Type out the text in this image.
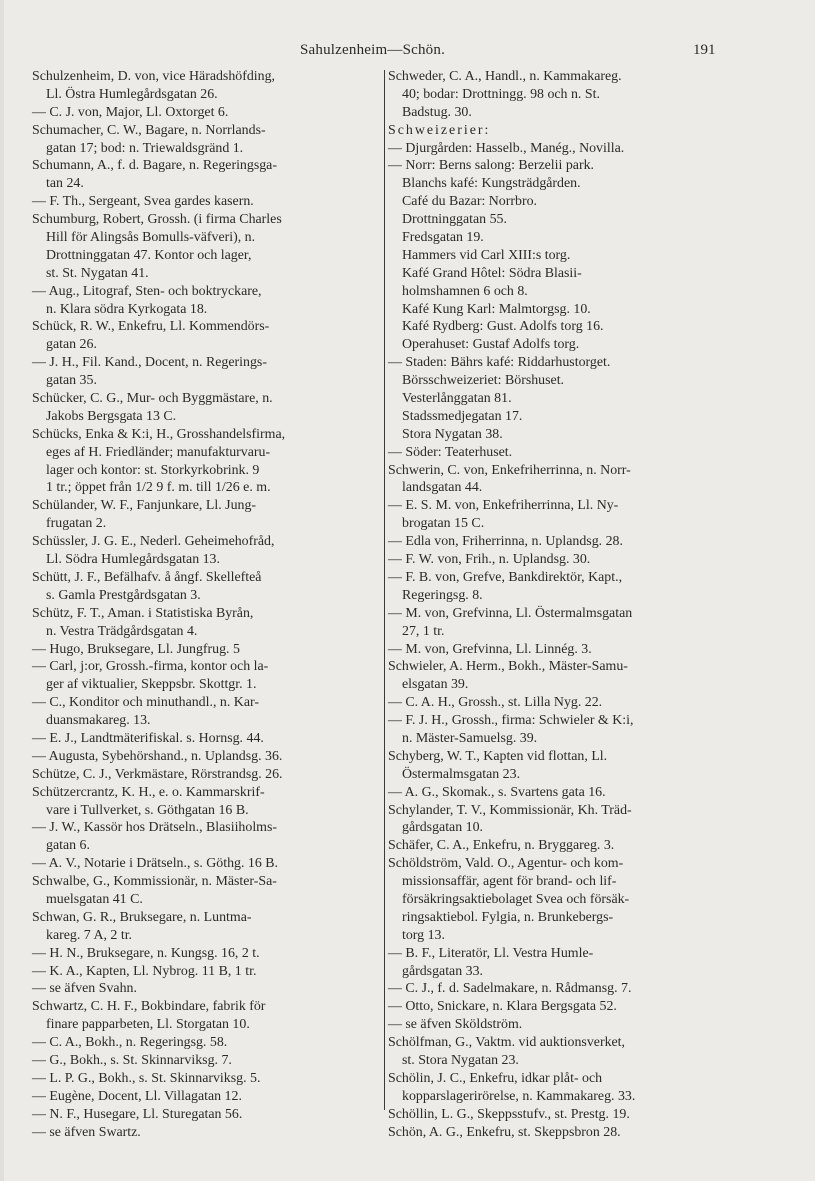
Sahulzenheim—Schön.	191
Schulzenheim, D. von, vice Häradshöfding,
Ll. Östra Humlegårdsgatan 26.
— C. J. von, Major, Ll. Oxtorget 6.
Schumacher, C. W., Bagare, n. Norrlands-
gatan 17; bod: n. Triewaldsgränd 1.
Schumann, A., f. d. Bagare, n. Regeringsga-
tan 24.
— F. Th., Sergeant, Svea gardes kasern.
Schumburg, Robert, Grossh. (i firma Charles
Hill för Alingsås Bomulls-väfveri), n.
Drottninggatan 47. Kontor och lager,
st. St. Nygatan 41.
— Aug., Litograf, Sten- och boktryckare,
n. Klara södra Kyrkogata 18.
Schück, R. W., Enkefru, Ll. Kommendörs-
gatan 26.
— J. H., Fil. Kand., Docent, n. Regerings-
gatan 35.
Schücker, C. G., Mur- och Byggmästare, n.
Jakobs Bergsgata 13 C.
Schücks, Enka & K:i, H., Grosshandelsfirma,
eges af H. Friedländer; manufakturvaru-
lager och kontor: st. Storkyrkobrink. 9
1 tr.; öppet från 1/2 9 f. m. till 1/26 e. m.
Schülander, W. F., Fanjunkare, Ll. Jung-
frugatan 2.
Schüssler, J. G. E., Nederl. Geheimehofråd,
Ll. Södra Humlegårdsgatan 13.
Schütt, J. F., Befälhafv. å ångf. Skellefteå
s. Gamla Prestgårdsgatan 3.
Schütz, F. T., Aman. i Statistiska Byrån,
n. Vestra Trädgårdsgatan 4.
— Hugo, Bruksegare, Ll. Jungfrug. 5
— Carl, j:or, Grossh.-firma, kontor och la-
ger af viktualier, Skeppsbr. Skottgr. 1.
— C., Konditor och minuthandl., n. Kar-
duansmakareg. 13.
— E. J., Landtmäterifiskal. s. Hornsg. 44.
— Augusta, Sybehörshand., n. Uplandsg. 36.
Schütze, C. J., Verkmästare, Rörstrandsg. 26.
Schützercrantz, K. H., e. o. Kammarskrif-
vare i Tullverket, s. Göthgatan 16 B.
— J. W., Kassör hos Drätseln., Blasiiholms-
gatan 6.
— A. V., Notarie i Drätseln., s. Göthg. 16 B.
Schwalbe, G., Kommissionär, n. Mäster-Sa-
muelsgatan 41 C.
Schwan, G. R., Bruksegare, n. Luntma-
kareg. 7 A, 2 tr.
— H. N., Bruksegare, n. Kungsg. 16, 2 t.
— K. A., Kapten, Ll. Nybrog. 11 B, 1 tr.
— se äfven Svahn.
Schwartz, C. H. F., Bokbindare, fabrik för
finare papparbeten, Ll. Storgatan 10.
— C. A., Bokh., n. Regeringsg. 58.
— G., Bokh., s. St. Skinnarviksg. 7.
— L. P. G., Bokh., s. St. Skinnarviksg. 5.
— Eugène, Docent, Ll. Villagatan 12.
— N. F., Husegare, Ll. Sturegatan 56.
— se äfven Swartz.
Schweder, C. A., Handl., n. Kammakareg.
40; bodar: Drottningg. 98 och n. St.
Badstug. 30.
Schweizerier:
— Djurgården: Hasselb., Manég., Novilla.
— Norr: Berns salong: Berzelii park.
Blanchs kafé: Kungsträdgården.
Café du Bazar: Norrbro.
Drottninggatan 55.
Fredsgatan 19.
Hammers vid Carl XIII:s torg.
Kafé Grand Hôtel: Södra Blasii-
holmshamnen 6 och 8.
Kafé Kung Karl: Malmtorgsg. 10.
Kafé Rydberg: Gust. Adolfs torg 16.
Operahuset: Gustaf Adolfs torg.
— Staden: Bährs kafé: Riddarhustorget.
Börsschweizeriet: Börshuset.
Vesterlånggatan 81.
Stadssmedjegatan 17.
Stora Nygatan 38.
— Söder: Teaterhuset.
Schwerin, C. von, Enkefriherrinna, n. Norr-
landsgatan 44.
— E. S. M. von, Enkefriherrinna, Ll. Ny-
brogatan 15 C.
— Edla von, Friherrinna, n. Uplandsg. 28.
— F. W. von, Frih., n. Uplandsg. 30.
— F. B. von, Grefve, Bankdirektör, Kapt.,
Regeringsg. 8.
— M. von, Grefvinna, Ll. Östermalmsgatan
27, 1 tr.
— M. von, Grefvinna, Ll. Linnég. 3.
Schwieler, A. Herm., Bokh., Mäster-Samu-
elsgatan 39.
— C. A. H., Grossh., st. Lilla Nyg. 22.
— F. J. H., Grossh., firma: Schwieler & K:i,
n. Mäster-Samuelsg. 39.
Schyberg, W. T., Kapten vid flottan, Ll.
Östermalmsgatan 23.
— A. G., Skomak., s. Svartens gata 16.
Schylander, T. V., Kommissionär, Kh. Träd-
gårdsgatan 10.
Schäfer, C. A., Enkefru, n. Bryggareg. 3.
Schöldström, Vald. O., Agentur- och kom-
missionsaffär, agent för brand- och lif-
försäkringsaktiebolaget Svea och försäk-
ringsaktiebol. Fylgia, n. Brunkebergs-
torg 13.
— B. F., Literatör, Ll. Vestra Humle-
gårdsgatan 33.
— C. J., f. d. Sadelmakare, n. Rådmansg. 7.
— Otto, Snickare, n. Klara Bergsgata 52.
— se äfven Sköldström.
Schölfman, G., Vaktm. vid auktionsverket,
st. Stora Nygatan 23.
Schölin, J. C., Enkefru, idkar plåt- och
kopparslagerirörelse, n. Kammakareg. 33.
Schöllin, L. G., Skeppsstufv., st. Prestg. 19.
Schön, A. G., Enkefru, st. Skeppsbron 28.
